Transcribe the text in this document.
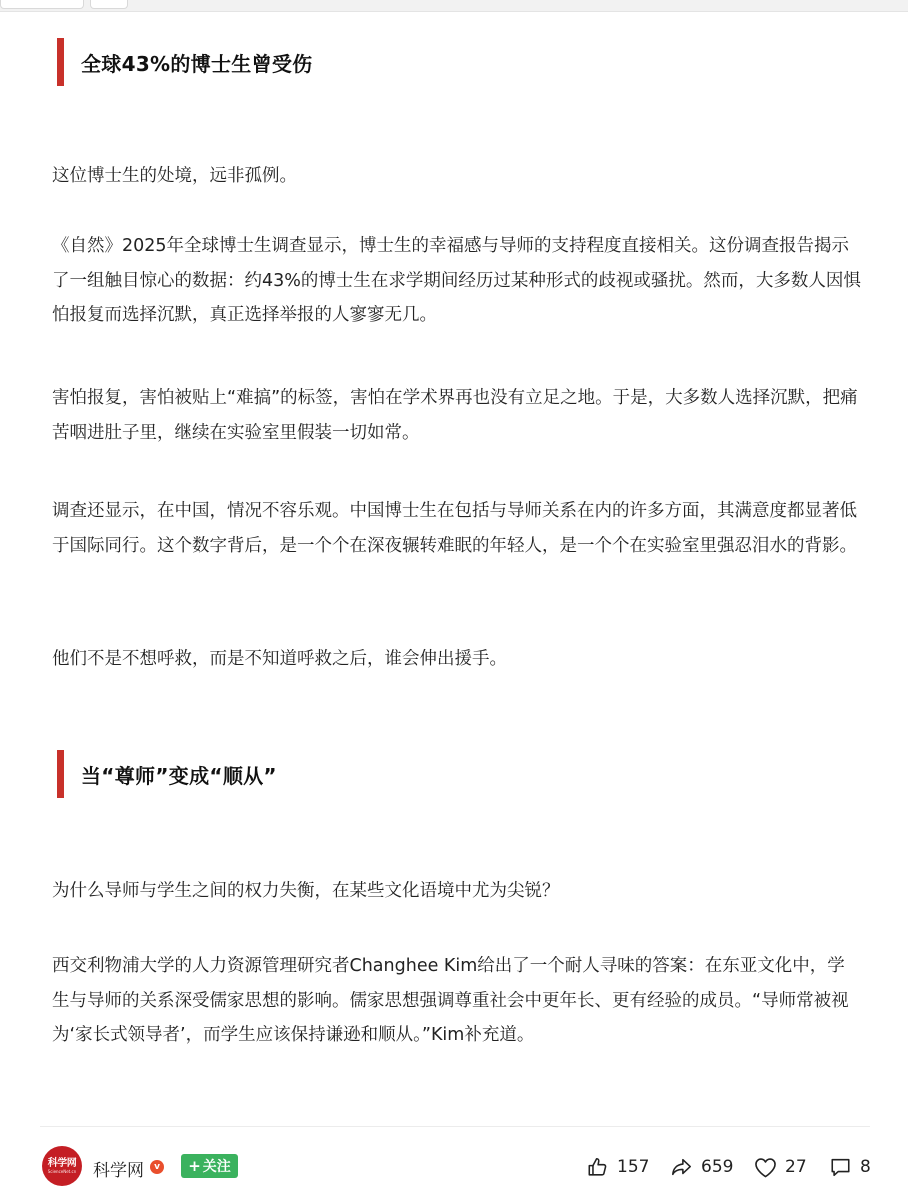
全球43%的博士生曾受伤

这位博士生的处境，远非孤例。

《自然》2025年全球博士生调查显示，博士生的幸福感与导师的支持程度直接相关。这份调查报告揭示了一组触目惊心的数据：约43%的博士生在求学期间经历过某种形式的歧视或骚扰。然而，大多数人因惧怕报复而选择沉默，真正选择举报的人寥寥无几。

害怕报复，害怕被贴上“难搞”的标签，害怕在学术界再也没有立足之地。于是，大多数人选择沉默，把痛苦咽进肚子里，继续在实验室里假装一切如常。

调查还显示，在中国，情况不容乐观。中国博士生在包括与导师关系在内的许多方面，其满意度都显著低于国际同行。这个数字背后，是一个个在深夜辗转难眠的年轻人，是一个个在实验室里强忍泪水的背影。

他们不是不想呼救，而是不知道呼救之后，谁会伸出援手。

当“尊师”变成“顺从”

为什么导师与学生之间的权力失衡，在某些文化语境中尤为尖锐？

西交利物浦大学的人力资源管理研究者Changhee Kim给出了一个耐人寻味的答案：在东亚文化中，学生与导师的关系深受儒家思想的影响。儒家思想强调尊重社会中更年长、更有经验的成员。“导师常被视为‘家长式领导者’，而学生应该保持谦逊和顺从。”Kim补充道。

科学网
ScienceNet.cn 科学网	v + 关注	157	659	27	8
